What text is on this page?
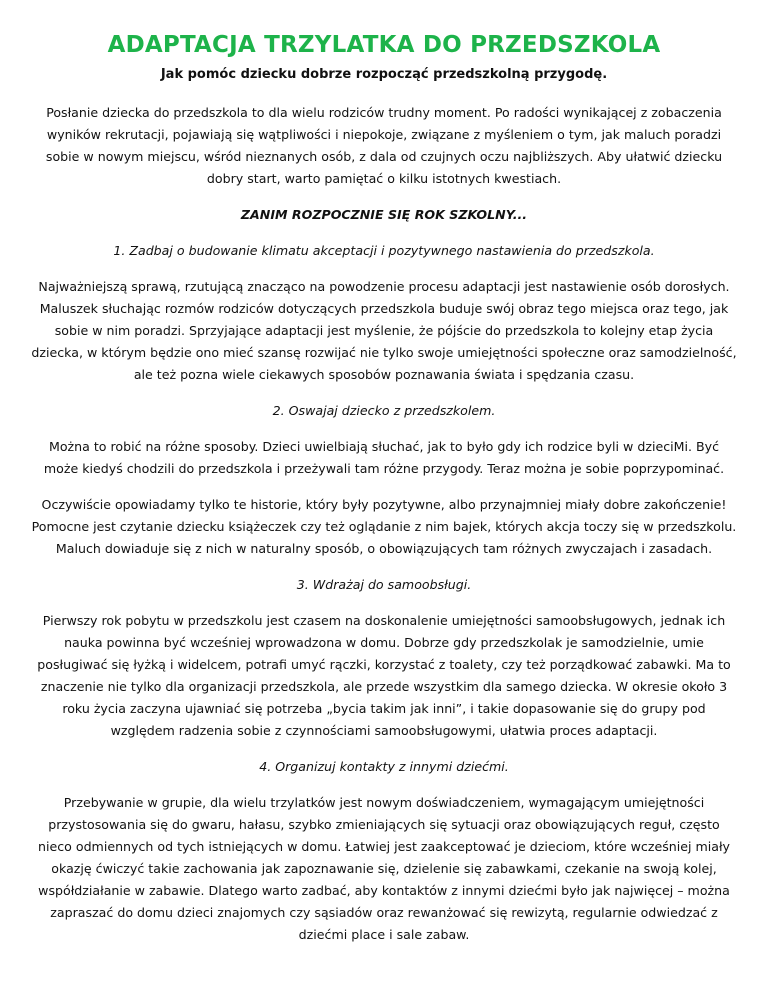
ADAPTACJA TRZYLATKA DO PRZEDSZKOLA
Jak pomóc dziecku dobrze rozpocząć przedszkolną przygodę.

Posłanie dziecka do przedszkola to dla wielu rodziców trudny moment. Po radości wynikającej z zobaczenia wyników rekrutacji, pojawiają się wątpliwości i niepokoje, związane z myśleniem o tym, jak maluch poradzi sobie w nowym miejscu, wśród nieznanych osób, z dala od czujnych oczu najbliższych. Aby ułatwić dziecku dobry start, warto pamiętać o kilku istotnych kwestiach.

ZANIM ROZPOCZNIE SIĘ ROK SZKOLNY...

1. Zadbaj o budowanie klimatu akceptacji i pozytywnego nastawienia do przedszkola.

Najważniejszą sprawą, rzutującą znacząco na powodzenie procesu adaptacji jest nastawienie osób dorosłych. Maluszek słuchając rozmów rodziców dotyczących przedszkola buduje swój obraz tego miejsca oraz tego, jak sobie w nim poradzi. Sprzyjające adaptacji jest myślenie, że pójście do przedszkola to kolejny etap życia dziecka, w którym będzie ono mieć szansę rozwijać nie tylko swoje umiejętności społeczne oraz samodzielność, ale też pozna wiele ciekawych sposobów poznawania świata i spędzania czasu.

2. Oswajaj dziecko z przedszkolem.

Można to robić na różne sposoby. Dzieci uwielbiają słuchać, jak to było gdy ich rodzice byli w dzieciMi. Być może kiedyś chodzili do przedszkola i przeżywali tam różne przygody. Teraz można je sobie poprzypominać.

Oczywiście opowiadamy tylko te historie, który były pozytywne, albo przynajmniej miały dobre zakończenie! Pomocne jest czytanie dziecku książeczek czy też oglądanie z nim bajek, których akcja toczy się w przedszkolu. Maluch dowiaduje się z nich w naturalny sposób, o obowiązujących tam różnych zwyczajach i zasadach.

3. Wdrażaj do samoobsługi.

Pierwszy rok pobytu w przedszkolu jest czasem na doskonalenie umiejętności samoobsługowych, jednak ich nauka powinna być wcześniej wprowadzona w domu. Dobrze gdy przedszkolak je samodzielnie, umie posługiwać się łyżką i widelcem, potrafi umyć rączki, korzystać z toalety, czy też porządkować zabawki. Ma to znaczenie nie tylko dla organizacji przedszkola, ale przede wszystkim dla samego dziecka. W okresie około 3 roku życia zaczyna ujawniać się potrzeba „bycia takim jak inni”, i takie dopasowanie się do grupy pod względem radzenia sobie z czynnościami samoobsługowymi, ułatwia proces adaptacji.

4. Organizuj kontakty z innymi dziećmi.

Przebywanie w grupie, dla wielu trzylatków jest nowym doświadczeniem, wymagającym umiejętności przystosowania się do gwaru, hałasu, szybko zmieniających się sytuacji oraz obowiązujących reguł, często nieco odmiennych od tych istniejących w domu. Łatwiej jest zaakceptować je dzieciom, które wcześniej miały okazję ćwiczyć takie zachowania jak zapoznawanie się, dzielenie się zabawkami, czekanie na swoją kolej, współdziałanie w zabawie. Dlatego warto zadbać, aby kontaktów z innymi dziećmi było jak najwięcej – można zapraszać do domu dzieci znajomych czy sąsiadów oraz rewanżować się rewizytą, regularnie odwiedzać z dziećmi place i sale zabaw.
